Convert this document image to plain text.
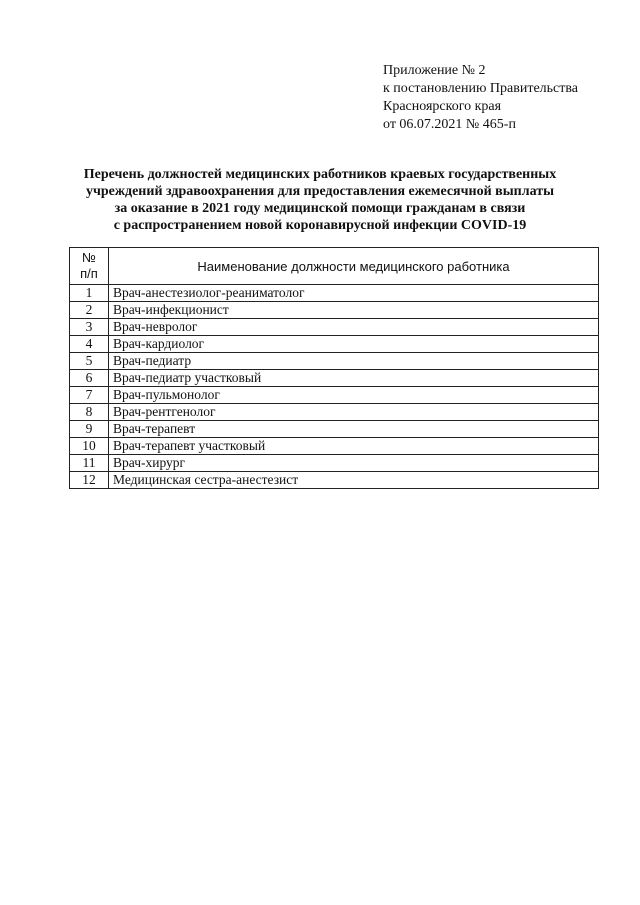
Приложение № 2
к постановлению Правительства
Красноярского края
от 06.07.2021 № 465-п
Перечень должностей медицинских работников краевых государственных
учреждений здравоохранения для предоставления ежемесячной выплаты
за оказание в 2021 году медицинской помощи гражданам в связи
с распространением новой коронавирусной инфекции COVID-19
№
п/п	Наименование должности медицинского работника
1	Врач-анестезиолог-реаниматолог
2	Врач-инфекционист
3	Врач-невролог
4	Врач-кардиолог
5	Врач-педиатр
6	Врач-педиатр участковый
7	Врач-пульмонолог
8	Врач-рентгенолог
9	Врач-терапевт
10	Врач-терапевт участковый
11	Врач-хирург
12	Медицинская сестра-анестезист
